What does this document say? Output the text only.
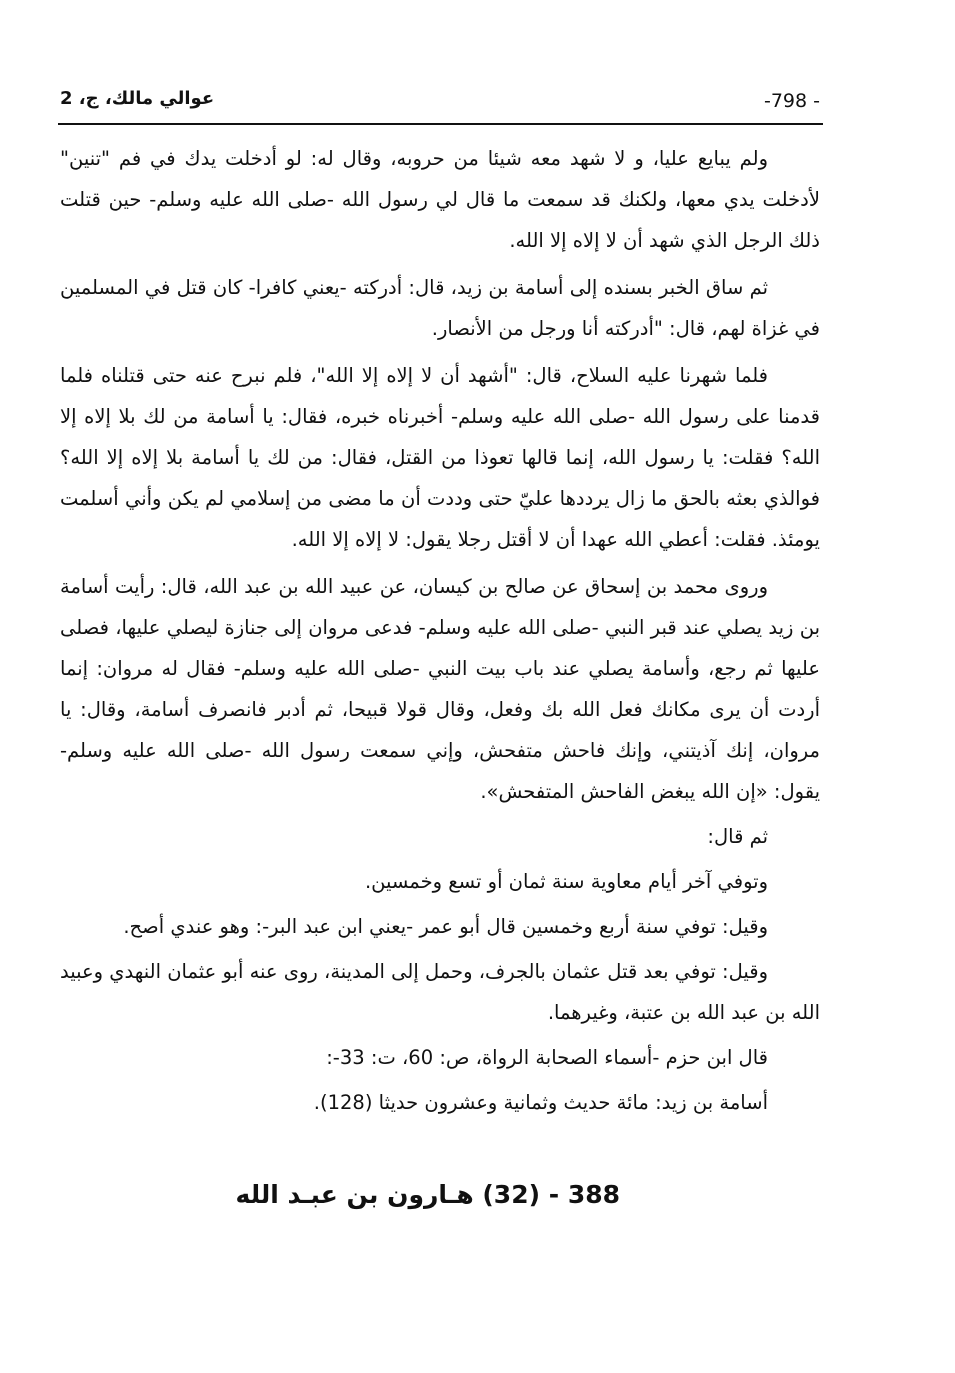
-798 -
عوالي مالك، ج، 2

ولم يبايع عليا، و لا شهد معه شيئا من حروبه، وقال له: لو أدخلت يدك في فم "تنين" لأدخلت يدي معها، ولكنك قد سمعت ما قال لي رسول الله -صلى الله عليه وسلم- حين قتلت ذلك الرجل الذي شهد أن لا إلاه إلا الله.

ثم ساق الخبر بسنده إلى أسامة بن زيد، قال: أدركته -يعني كافرا- كان قتل في المسلمين في غزاة لهم، قال: "أدركته أنا ورجل من الأنصار.

فلما شهرنا عليه السلاح، قال: "أشهد أن لا إلاه إلا الله"، فلم نبرح عنه حتى قتلناه فلما قدمنا على رسول الله -صلى الله عليه وسلم- أخبرناه خبره، فقال: يا أسامة من لك بلا إلاه إلا الله؟ فقلت: يا رسول الله، إنما قالها تعوذا من القتل، فقال: من لك يا أسامة بلا إلاه إلا الله؟ فوالذي بعثه بالحق ما زال يرددها عليّ حتى وددت أن ما مضى من إسلامي لم يكن وأني أسلمت يومئذ. فقلت: أعطي الله عهدا أن لا أقتل رجلا يقول: لا إلاه إلا الله.

وروى محمد بن إسحاق عن صالح بن كيسان، عن عبيد الله بن عبد الله، قال: رأيت أسامة بن زيد يصلي عند قبر النبي -صلى الله عليه وسلم- فدعى مروان إلى جنازة ليصلي عليها، فصلى عليها ثم رجع، وأسامة يصلي عند باب بيت النبي -صلى الله عليه وسلم- فقال له مروان: إنما أردت أن يرى مكانك فعل الله بك وفعل، وقال قولا قبيحا، ثم أدبر فانصرف أسامة، وقال: يا مروان، إنك آذيتني، وإنك فاحش متفحش، وإني سمعت رسول الله -صلى الله عليه وسلم- يقول: «إن الله يبغض الفاحش المتفحش».

ثم قال:

وتوفي آخر أيام معاوية سنة ثمان أو تسع وخمسين.

وقيل: توفي سنة أربع وخمسين قال أبو عمر -يعني ابن عبد البر-: وهو عندي أصح.

وقيل: توفي بعد قتل عثمان بالجرف، وحمل إلى المدينة، روى عنه أبو عثمان النهدي وعبيد الله بن عبد الله بن عتبة، وغيرهما.

قال ابن حزم -أسماء الصحابة الرواة، ص: 60، ت: 33-:

أسامة بن زيد: مائة حديث وثمانية وعشرون حديثا (128).

388 - (32) هـارون بن عبـد الله
